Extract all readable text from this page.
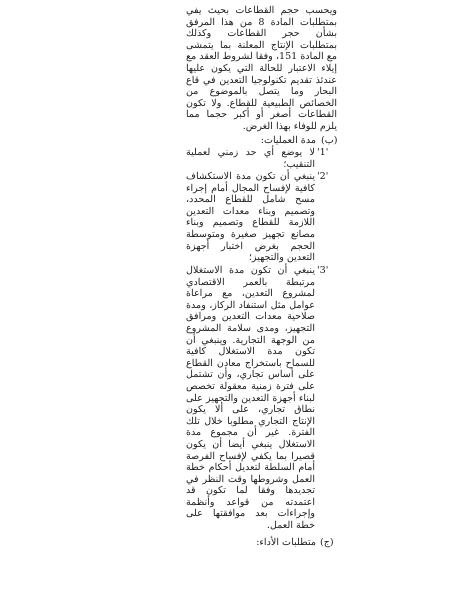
ويحسب حجم القطاعات بحيث يفي بمتطلبات المادة 8 من هذا المرفق بشأن حجر القطاعات وكذلك بمتطلبات الإنتاج المعلنة بما يتمشى مع المادة 151، وفقا لشروط العقد مع إيلاء الاعتبار للحالة التي يكون عليها عندئذ تقديم تكنولوجيا التعدين في قاع البحار وما يتصل بالموضوع من الخصائص الطبيعية للقطاع. ولا تكون القطاعات أصغر أو أكبر حجما مما يلزم للوفاء بهذا الغرض.

(ب)
مدة العمليات:
'1'

لا يوضع أي حد زمني لعملية التنقيب؛

'2'

ينبغي أن تكون مدة الاستكشاف كافية لإفساح المجال أمام إجراء مسح شامل للقطاع المحدد، وتصميم وبناء معدات التعدين اللازمة للقطاع وتصميم وبناء مصانع تجهيز صغيرة ومتوسطة الحجم بغرض اختبار أجهزة التعدين والتجهيز؛

'3'

ينبغي أن تكون مدة الاستغلال مرتبطة بالعمر الاقتصادي لمشروع التعدين، مع مراعاة عوامل مثل استنفاد الركاز، ومدة صلاحية معدات التعدين ومرافق التجهيز، ومدى سلامة المشروع من الوجهة التجارية. وينبغي أن تكون مدة الاستغلال كافية للسماح باستخراج معادن القطاع على أساس تجاري، وأن تشتمل على فترة زمنية معقولة تخصص لبناء أجهزة التعدين والتجهيز على نطاق تجاري، على ألا يكون الإنتاج التجاري مطلوبا خلال تلك الفترة. غير أن مجموع مدة الاستغلال ينبغي أيضا أن يكون قصيرا بما يكفي لإفساح الفرصة أمام السلطة لتعديل أحكام خطة العمل وشروطها وقت النظر في تجديدها وفقا لما تكون قد اعتمدته من قواعد وأنظمة وإجراءات بعد موافقتها على خطة العمل.

(ج)
متطلبات الأداء:
